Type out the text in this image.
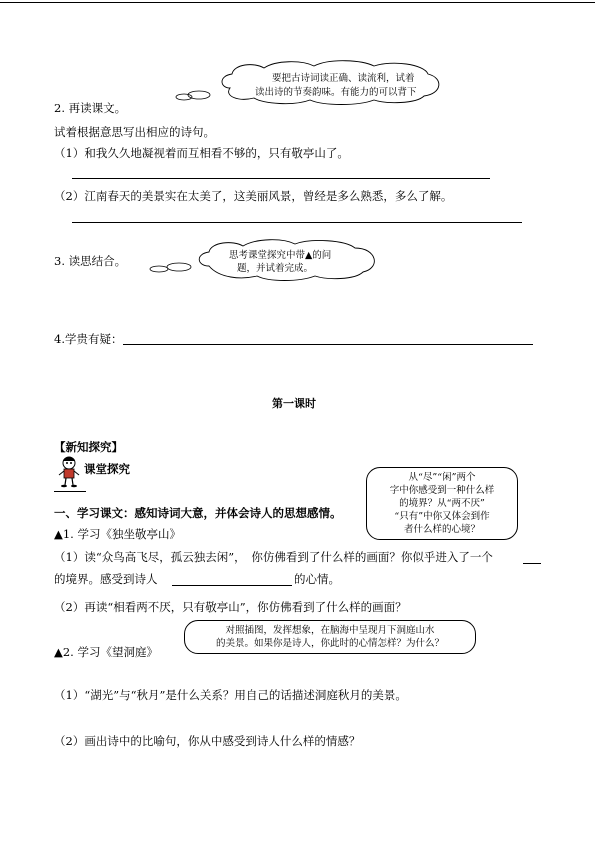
要把古诗词读正确、读流利，试着
读出诗的节奏韵味。有能力的可以背下
2. 再读课文。
试着根据意思写出相应的诗句。
（1）和我久久地凝视着而互相看不够的，只有敬亭山了。
（2）江南春天的美景实在太美了，这美丽风景，曾经是多么熟悉，多么了解。
思考课堂探究中带▲的问
题，并试着完成。
3. 读思结合。
4.学贵有疑：
第一课时
【新知探究】
课堂探究
从“尽”“闲”两个
字中你感受到一种什么样
的境界？从“两不厌”
“只有”中你又体会到作
者什么样的心境？
一、学习课文：感知诗词大意，并体会诗人的思想感情。
▲1. 学习《独坐敬亭山》
（1）读“众鸟高飞尽，孤云独去闲”，　你仿佛看到了什么样的画面？你似乎进入了一个
的境界。感受到诗人	的心情。
（2）再读“相看两不厌，只有敬亭山”，你仿佛看到了什么样的画面？
对照插图，发挥想象，在脑海中呈现月下洞庭山水
的美景。如果你是诗人，你此时的心情怎样？为什么？
▲2. 学习《望洞庭》
（1）“湖光”与“秋月”是什么关系？用自己的话描述洞庭秋月的美景。
（2）画出诗中的比喻句，你从中感受到诗人什么样的情感？
